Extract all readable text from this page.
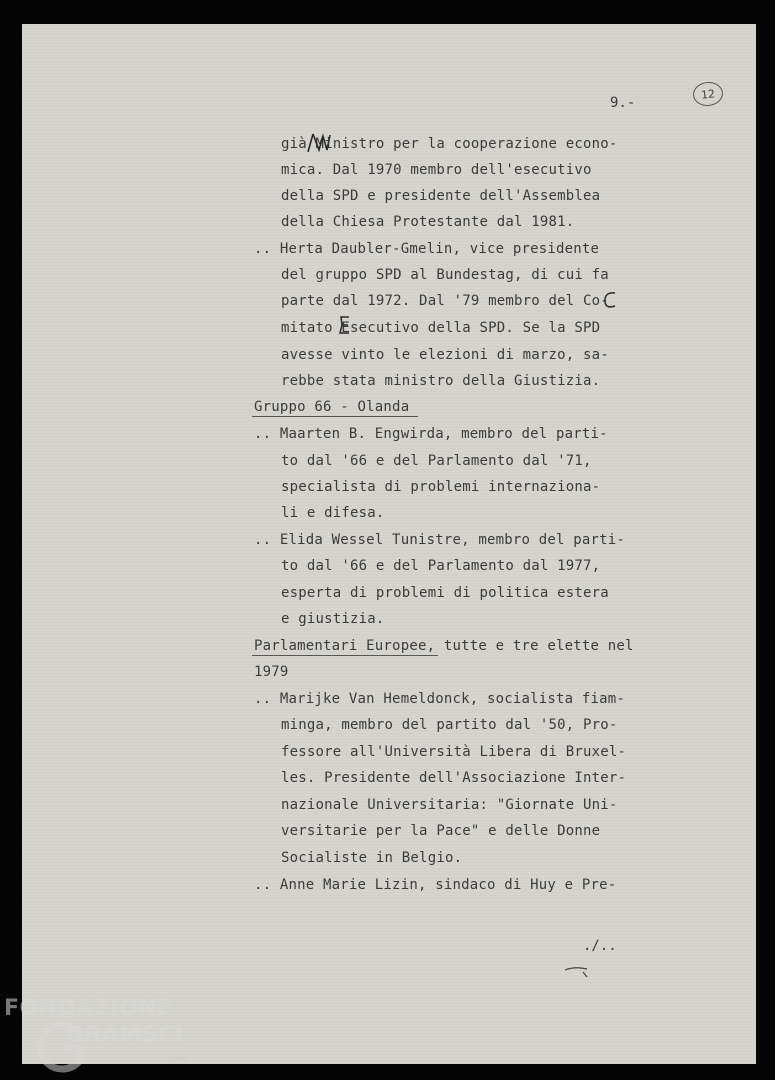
9.-
12
già Ministro per la cooperazione econo-
mica. Dal 1970 membro dell'esecutivo
della SPD e presidente dell'Assemblea
della Chiesa Protestante dal 1981.
.. Herta Daubler-Gmelin, vice presidente
del gruppo SPD al Bundestag, di cui fa
parte dal 1972. Dal '79 membro del Co-
mitato Esecutivo della SPD. Se la SPD
avesse vinto le elezioni di marzo, sa-
rebbe stata ministro della Giustizia.
Gruppo 66 - Olanda
.. Maarten B. Engwirda, membro del parti-
to dal '66 e del Parlamento dal '71,
specialista di problemi internaziona-
li e difesa.
.. Elida Wessel Tunistre, membro del parti-
to dal '66 e del Parlamento dal 1977,
esperta di problemi di politica estera
e giustizia.
Parlamentari Europee, tutte e tre elette nel
1979
.. Marijke Van Hemeldonck, socialista fiam-
minga, membro del partito dal '50, Pro-
fessore all'Università Libera di Bruxel-
les. Presidente dell'Associazione Inter-
nazionale Universitaria: "Giornate Uni-
versitarie per la Pace" e delle Donne
Socialiste in Belgio.
.. Anne Marie Lizin, sindaco di Huy e Pre-
./..
FONDAZIONE
GRAMSCI
onlus
